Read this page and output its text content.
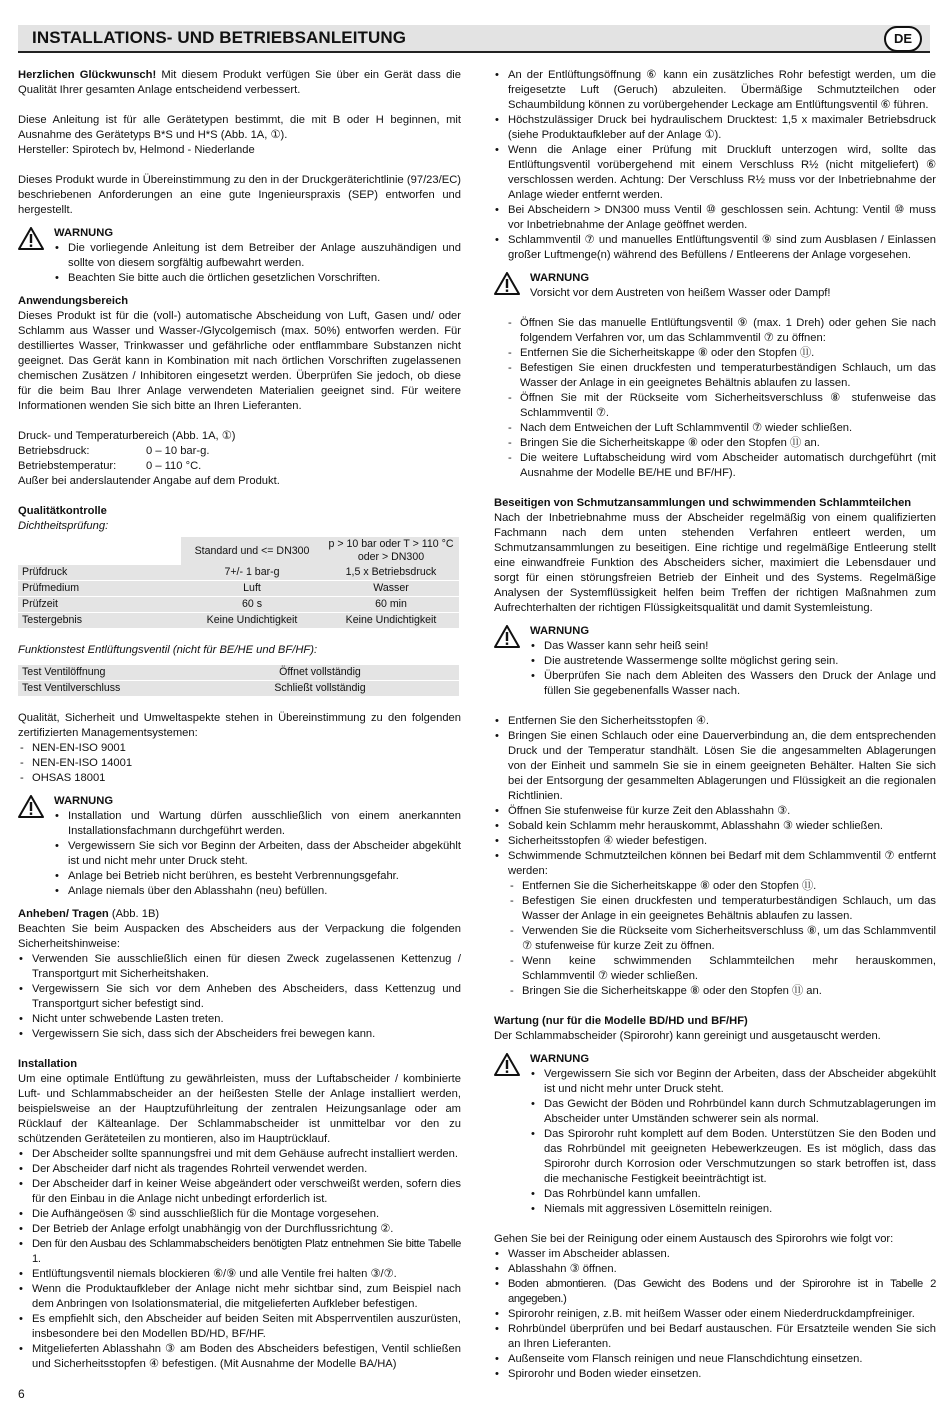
INSTALLATIONS- UND BETRIEBSANLEITUNG	DE

Herzlichen Glückwunsch! Mit diesem Produkt verfügen Sie über ein Gerät dass die Qualität Ihrer gesamten Anlage entscheidend verbessert.

Diese Anleitung ist für alle Gerätetypen bestimmt, die mit B oder H beginnen, mit Ausnahme des Gerätetyps B*S und H*S (Abb. 1A, ①).

Hersteller: Spirotech bv, Helmond - Niederlande

Dieses Produkt wurde in Übereinstimmung zu den in der Druckgeräterichtlinie (97/23/EC) beschriebenen Anforderungen an eine gute Ingenieurspraxis (SEP) entworfen und hergestellt.

WARNUNG
• Die vorliegende Anleitung ist dem Betreiber der Anlage auszuhändigen und sollte von diesem sorgfältig aufbewahrt werden.
• Beachten Sie bitte auch die örtlichen gesetzlichen Vorschriften.

Anwendungsbereich

Dieses Produkt ist für die (voll-) automatische Abscheidung von Luft, Gasen und/ oder Schlamm aus Wasser und Wasser-/Glycolgemisch (max. 50%) entworfen werden. Für destilliertes Wasser, Trinkwasser und gefährliche oder entflammbare Substanzen nicht geeignet. Das Gerät kann in Kombination mit nach örtlichen Vorschriften zugelassenen chemischen Zusätzen / Inhibitoren eingesetzt werden. Überprüfen Sie jedoch, ob diese für die beim Bau Ihrer Anlage verwendeten Materialien geeignet sind. Für weitere Informationen wenden Sie sich bitte an Ihren Lieferanten.

Druck- und Temperaturbereich (Abb. 1A, ①)

Betriebsdruck:	0 – 10 bar-g.
Betriebstemperatur:	0 – 110 °C.

Außer bei anderslautender Angabe auf dem Produkt.

Qualitätkontrolle

Dichtheitsprüfung:

	Standard und <= DN300	p > 10 bar oder T > 110 °C oder > DN300
Prüfdruck	7+/- 1 bar-g	1,5 x Betriebsdruck
Prüfmedium	Luft	Wasser
Prüfzeit	60 s	60 min
Testergebnis	Keine Undichtigkeit	Keine Undichtigkeit

Funktionstest Entlüftungsventil (nicht für BE/HE und BF/HF):

Test Ventilöffnung	Öffnet vollständig
Test Ventilverschluss	Schließt vollständig

Qualität, Sicherheit und Umweltaspekte stehen in Übereinstimmung zu den folgenden zertifizierten Managementsystemen:

- NEN-EN-ISO 9001
- NEN-EN-ISO 14001
- OHSAS 18001
WARNUNG
• Installation und Wartung dürfen ausschließlich von einem anerkannten Installationsfachmann durchgeführt werden.
• Vergewissern Sie sich vor Beginn der Arbeiten, dass der Abscheider abgekühlt ist und nicht mehr unter Druck steht.
• Anlage bei Betrieb nicht berühren, es besteht Verbrennungsgefahr.
• Anlage niemals über den Ablasshahn (neu) befüllen.

Anheben/ Tragen (Abb. 1B)

Beachten Sie beim Auspacken des Abscheiders aus der Verpackung die folgenden Sicherheitshinweise:

• Verwenden Sie ausschließlich einen für diesen Zweck zugelassenen Kettenzug / Transportgurt mit Sicherheitshaken.
• Vergewissern Sie sich vor dem Anheben des Abscheiders, dass Kettenzug und Transportgurt sicher befestigt sind.
• Nicht unter schwebende Lasten treten.
• Vergewissern Sie sich, dass sich der Abscheiders frei bewegen kann.

Installation

Um eine optimale Entlüftung zu gewährleisten, muss der Luftabscheider / kombinierte Luft- und Schlammabscheider an der heißesten Stelle der Anlage installiert werden, beispielsweise an der Hauptzuführleitung der zentralen Heizungsanlage oder am Rücklauf der Kälteanlage. Der Schlammabscheider ist unmittelbar vor den zu schützenden Geräteteilen zu montieren, also im Hauptrücklauf.

• Der Abscheider sollte spannungsfrei und mit dem Gehäuse aufrecht installiert werden.
• Der Abscheider darf nicht als tragendes Rohrteil verwendet werden.
• Der Abscheider darf in keiner Weise abgeändert oder verschweißt werden, sofern dies für den Einbau in die Anlage nicht unbedingt erforderlich ist.
• Die Aufhängeösen ⑤ sind ausschließlich für die Montage vorgesehen.
• Der Betrieb der Anlage erfolgt unabhängig von der Durchflussrichtung ②.
• Den für den Ausbau des Schlammabscheiders benötigten Platz entnehmen Sie bitte Tabelle 1.
• Entlüftungsventil niemals blockieren ⑥/⑨ und alle Ventile frei halten ③/⑦.
• Wenn die Produktaufkleber der Anlage nicht mehr sichtbar sind, zum Beispiel nach dem Anbringen von Isolationsmaterial, die mitgelieferten Aufkleber befestigen.
• Es empfiehlt sich, den Abscheider auf beiden Seiten mit Absperrventilen auszurüsten, insbesondere bei den Modellen BD/HD, BF/HF.
• Mitgelieferten Ablasshahn ③ am Boden des Abscheiders befestigen, Ventil schließen und Sicherheitsstopfen ④ befestigen. (Mit Ausnahme der Modelle BA/HA)
• An der Entlüftungsöffnung ⑥ kann ein zusätzliches Rohr befestigt werden, um die freigesetzte Luft (Geruch) abzuleiten. Übermäßige Schmutzteilchen oder Schaumbildung können zu vorübergehender Leckage am Entlüftungsventil ⑥ führen.
• Höchstzulässiger Druck bei hydraulischem Drucktest: 1,5 x maximaler Betriebsdruck (siehe Produktaufkleber auf der Anlage ①).
• Wenn die Anlage einer Prüfung mit Druckluft unterzogen wird, sollte das Entlüftungsventil vorübergehend mit einem Verschluss R½ (nicht mitgeliefert) ⑥ verschlossen werden. Achtung: Der Verschluss R½ muss vor der Inbetriebnahme der Anlage wieder entfernt werden.
• Bei Abscheidern > DN300 muss Ventil ⑩ geschlossen sein. Achtung: Ventil ⑩ muss vor Inbetriebnahme der Anlage geöffnet werden.
• Schlammventil ⑦ und manuelles Entlüftungsventil ⑨ sind zum Ausblasen / Einlassen großer Luftmenge(n) während des Befüllens / Entleerens der Anlage vorgesehen.
WARNUNG
Vorsicht vor dem Austreten von heißem Wasser oder Dampf!
- Öffnen Sie das manuelle Entlüftungsventil ⑨ (max. 1 Dreh) oder gehen Sie nach folgendem Verfahren vor, um das Schlammventil ⑦ zu öffnen:
- Entfernen Sie die Sicherheitskappe ⑧ oder den Stopfen ⑪.
- Befestigen Sie einen druckfesten und temperaturbeständigen Schlauch, um das Wasser der Anlage in ein geeignetes Behältnis ablaufen zu lassen.
- Öffnen Sie mit der Rückseite vom Sicherheitsverschluss ⑧ stufenweise das Schlammventil ⑦.
- Nach dem Entweichen der Luft Schlammventil ⑦ wieder schließen.
- Bringen Sie die Sicherheitskappe ⑧ oder den Stopfen ⑪ an.
- Die weitere Luftabscheidung wird vom Abscheider automatisch durchgeführt (mit Ausnahme der Modelle BE/HE und BF/HF).

Beseitigen von Schmutzansammlungen und schwimmenden Schlammteilchen

Nach der Inbetriebnahme muss der Abscheider regelmäßig von einem qualifizierten Fachmann nach dem unten stehenden Verfahren entleert werden, um Schmutzansammlungen zu beseitigen. Eine richtige und regelmäßige Entleerung stellt eine einwandfreie Funktion des Abscheiders sicher, maximiert die Lebensdauer und sorgt für einen störungsfreien Betrieb der Einheit und des Systems. Regelmäßige Analysen der Systemflüssigkeit helfen beim Treffen der richtigen Maßnahmen zum Aufrechterhalten der richtigen Flüssigkeitsqualität und damit Systemleistung.

WARNUNG
• Das Wasser kann sehr heiß sein!
• Die austretende Wassermenge sollte möglichst gering sein.
• Überprüfen Sie nach dem Ableiten des Wassers den Druck der Anlage und füllen Sie gegebenenfalls Wasser nach.
• Entfernen Sie den Sicherheitsstopfen ④.
• Bringen Sie einen Schlauch oder eine Dauerverbindung an, die dem entsprechenden Druck und der Temperatur standhält. Lösen Sie die angesammelten Ablagerungen von der Einheit und sammeln Sie sie in einem geeigneten Behälter. Halten Sie sich bei der Entsorgung der gesammelten Ablagerungen und Flüssigkeit an die regionalen Richtlinien.
• Öffnen Sie stufenweise für kurze Zeit den Ablasshahn ③.
• Sobald kein Schlamm mehr herauskommt, Ablasshahn ③ wieder schließen.
• Sicherheitsstopfen ④ wieder befestigen.
• Schwimmende Schmutzteilchen können bei Bedarf mit dem Schlammventil ⑦ entfernt werden:
- Entfernen Sie die Sicherheitskappe ⑧ oder den Stopfen ⑪.
- Befestigen Sie einen druckfesten und temperaturbeständigen Schlauch, um das Wasser der Anlage in ein geeignetes Behältnis ablaufen zu lassen.
- Verwenden Sie die Rückseite vom Sicherheitsverschluss ⑧, um das Schlammventil ⑦ stufenweise für kurze Zeit zu öffnen.
- Wenn keine schwimmenden Schlammteilchen mehr herauskommen, Schlammventil ⑦ wieder schließen.
- Bringen Sie die Sicherheitskappe ⑧ oder den Stopfen ⑪ an.

Wartung (nur für die Modelle BD/HD und BF/HF)

Der Schlammabscheider (Spirorohr) kann gereinigt und ausgetauscht werden.

WARNUNG
• Vergewissern Sie sich vor Beginn der Arbeiten, dass der Abscheider abgekühlt ist und nicht mehr unter Druck steht.
• Das Gewicht der Böden und Rohrbündel kann durch Schmutzablagerungen im Abscheider unter Umständen schwerer sein als normal.
• Das Spirorohr ruht komplett auf dem Boden. Unterstützen Sie den Boden und das Rohrbündel mit geeigneten Hebewerkzeugen. Es ist möglich, dass das Spirorohr durch Korrosion oder Verschmutzungen so stark betroffen ist, dass die mechanische Festigkeit beeinträchtigt ist.
• Das Rohrbündel kann umfallen.
• Niemals mit aggressiven Lösemitteln reinigen.

Gehen Sie bei der Reinigung oder einem Austausch des Spirorohrs wie folgt vor:

• Wasser im Abscheider ablassen.
• Ablasshahn ③ öffnen.
• Boden abmontieren. (Das Gewicht des Bodens und der Spirorohre ist in Tabelle 2 angegeben.)
• Spirorohr reinigen, z.B. mit heißem Wasser oder einem Niederdruckdampfreiniger.
• Rohrbündel überprüfen und bei Bedarf austauschen. Für Ersatzteile wenden Sie sich an Ihren Lieferanten.
• Außenseite vom Flansch reinigen und neue Flanschdichtung einsetzen.
• Spirorohr und Boden wieder einsetzen.
6
